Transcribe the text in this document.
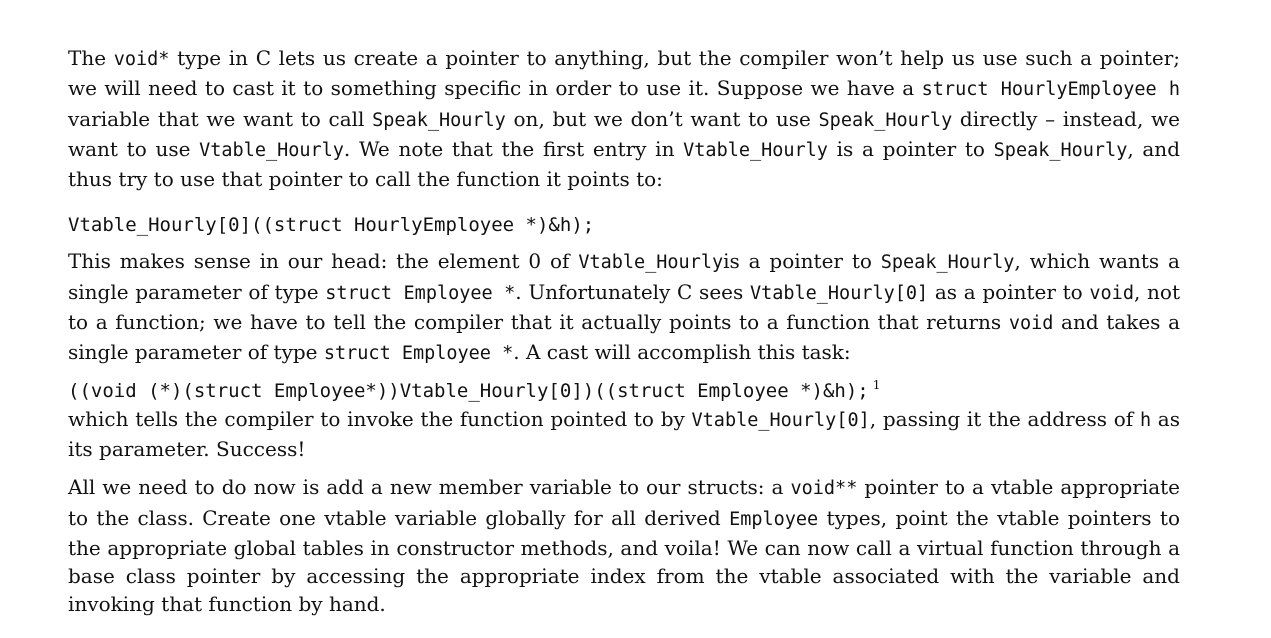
The void* type in C lets us create a pointer to anything, but the compiler won’t help us use such a pointer; we will need to cast it to something specific in order to use it. Suppose we have a struct HourlyEmployee h variable that we want to call Speak_Hourly on, but we don’t want to use Speak_Hourly directly – instead, we want to use Vtable_Hourly. We note that the first entry in Vtable_Hourly is a pointer to Speak_Hourly, and thus try to use that pointer to call the function it points to:

Vtable_Hourly[0]((struct HourlyEmployee *)&h);

This makes sense in our head: the element 0 of Vtable_Hourlyis a pointer to Speak_Hourly, which wants a single parameter of type struct Employee *. Unfortunately C sees Vtable_Hourly[0] as a pointer to void, not to a function; we have to tell the compiler that it actually points to a function that returns void and takes a single parameter of type struct Employee *. A cast will accomplish this task:

((void (*)(struct Employee*))Vtable_Hourly[0])((struct Employee *)&h); $^1$

which tells the compiler to invoke the function pointed to by Vtable_Hourly[0], passing it the address of h as its parameter. Success!

All we need to do now is add a new member variable to our structs: a void** pointer to a vtable appropriate to the class. Create one vtable variable globally for all derived Employee types, point the vtable pointers to the appropriate global tables in constructor methods, and voila! We can now call a virtual function through a base class pointer by accessing the appropriate index from the vtable associated with the variable and invoking that function by hand.
